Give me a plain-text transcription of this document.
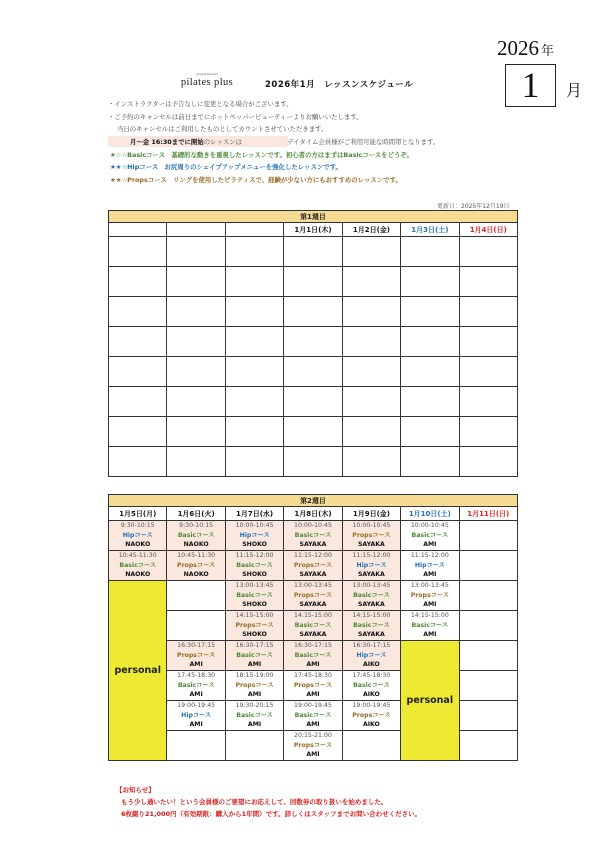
2026 年
1	月
group & Personal
pilates plus	2026年1月　レッスンスケジュール
・インストラクターは予告なしに変更となる場合がございます。
・ご予約のキャンセルは前日までにホットペッパービューティーよりお願いいたします。
当日のキャンセルはご利用したものとしてカウントさせていただきます。
月～金 16:30までに開始のレッスンは	デイタイム会員様がご利用可能な時間帯となります。
★☆☆Basicコース　基礎的な動きを重視したレッスンです。初心者の方はまずはBasicコースをどうぞ。
★★☆Hipコース　お尻周りのシェイプアップメニューを強化したレッスンです。
★★☆Propsコース　リングを使用したピラティスで、経験が少ない方にもおすすめのレッスンです。
更新日：2025年12月19日
第1週目						
			1月1日(木)	1月2日(金)	1月3日(土)	1月4日(日)

第2週目						
1月5日(月)	1月6日(火)	1月7日(水)	1月8日(木)	1月9日(金)	1月10日(土)	1月11日(日)

9:30-10:15
Hipコース
NAOKO	9:30-10:15
Basicコース
NAOKO	10:00-10:45
Hipコース
SHOKO	10:00-10:45
Basicコース
SAYAKA	10:00-10:45
Propsコース
SAYAKA	10:00-10:45
Basicコース
AMI	

10:45-11:30
Basicコース
NAOKO	10:45-11:30
Propsコース
NAOKO	11:15-12:00
Basicコース
SHOKO	11:15-12:00
Propsコース
SAYAKA	11:15-12:00
Hipコース
SAYAKA	11:15-12:00
Hipコース
AMI	

personal		13:00-13:45
Basicコース
SHOKO	13:00-13:45
Propsコース
SAYAKA	13:00-13:45
Basicコース
SAYAKA	13:00-13:45
Propsコース
AMI	

		14:15-15:00
Propsコース
SHOKO	14:15-15:00
Basicコース
SAYAKA	14:15-15:00
Basicコース
SAYAKA	14:15-15:00
Basicコース
AMI	

	16:30-17:15
Propsコース
AMI	16:30-17:15
Basicコース
AMI	16:30-17:15
Basicコース
AMI	16:30-17:15
Hipコース
AIKO	personal	

	17:45-18:30
Basicコース
AMI	18:15-19:00
Propsコース
AMI	17:45-18:30
Propsコース
AMI	17:45-18:30
Basicコース
AIKO		

	19:00-19:45
Hipコース
AMI	19:30-20:15
Basicコース
AMI	19:00-19:45
Basicコース
AMI	19:00-19:45
Propsコース
AIKO		

			20:15-21:00
Propsコース
AMI			

【お知らせ】
もう少し通いたい！という会員様のご要望にお応えして、回数券の取り扱いを始めました。
6枚綴り21,000円（有効期限：購入から1年間）です。詳しくはスタッフまでお問い合わせください。
